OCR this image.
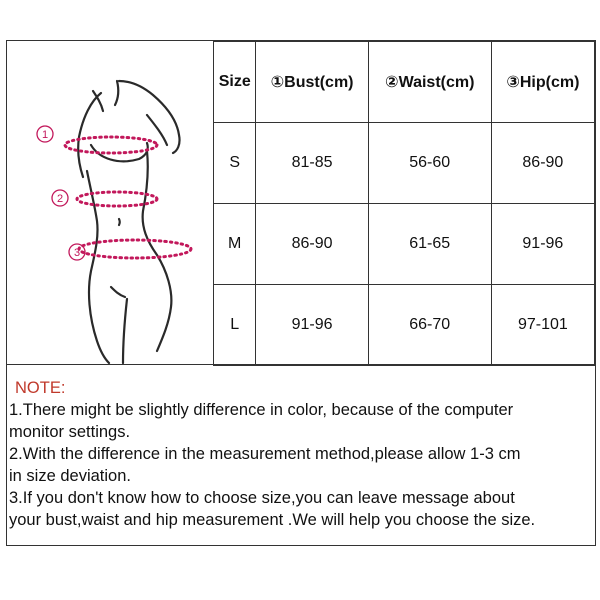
1
2
3
Size	①Bust(cm)	②Waist(cm)	③Hip(cm)
S	81-85	56-60	86-90
M	86-90	61-65	91-96
L	91-96	66-70	97-101

NOTE:

1.There might be slightly difference in color, because of the computer

monitor settings.

2.With the difference in the measurement method,please allow 1-3 cm

in size deviation.

3.If you don't know how to choose size,you can leave message about

your bust,waist and hip measurement .We will help you choose the size.
